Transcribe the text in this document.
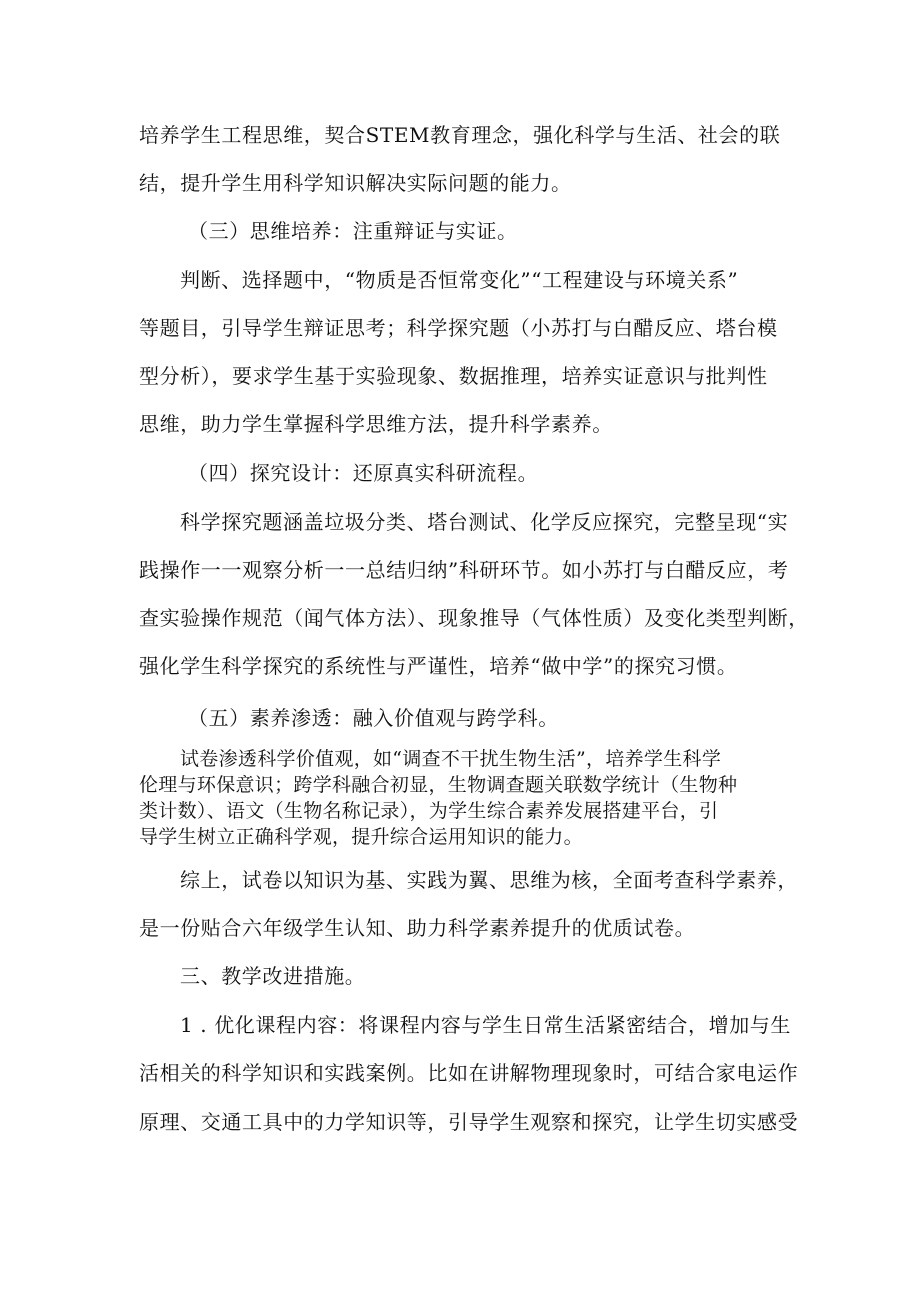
培养学生工程思维，契合STEM教育理念，强化科学与生活、社会的联
结，提升学生用科学知识解决实际问题的能力。
（三）思维培养：注重辩证与实证。
判断、选择题中，“物质是否恒常变化”“工程建设与环境关系”
等题目，引导学生辩证思考；科学探究题（小苏打与白醋反应、塔台模
型分析），要求学生基于实验现象、数据推理，培养实证意识与批判性
思维，助力学生掌握科学思维方法，提升科学素养。
（四）探究设计：还原真实科研流程。
科学探究题涵盖垃圾分类、塔台测试、化学反应探究，完整呈现“实
践操作一一观察分析一一总结归纳”科研环节。如小苏打与白醋反应，考
查实验操作规范（闻气体方法）、现象推导（气体性质）及变化类型判断，
强化学生科学探究的系统性与严谨性，培养“做中学”的探究习惯。
（五）素养渗透：融入价值观与跨学科。
试卷渗透科学价值观，如“调查不干扰生物生活”，培养学生科学
伦理与环保意识；跨学科融合初显，生物调查题关联数学统计（生物种
类计数）、语文（生物名称记录），为学生综合素养发展搭建平台，引
导学生树立正确科学观，提升综合运用知识的能力。
综上，试卷以知识为基、实践为翼、思维为核，全面考查科学素养，
是一份贴合六年级学生认知、助力科学素养提升的优质试卷。
三、教学改进措施。
1 . 优化课程内容：将课程内容与学生日常生活紧密结合，增加与生
活相关的科学知识和实践案例。比如在讲解物理现象时，可结合家电运作
原理、交通工具中的力学知识等，引导学生观察和探究，让学生切实感受
